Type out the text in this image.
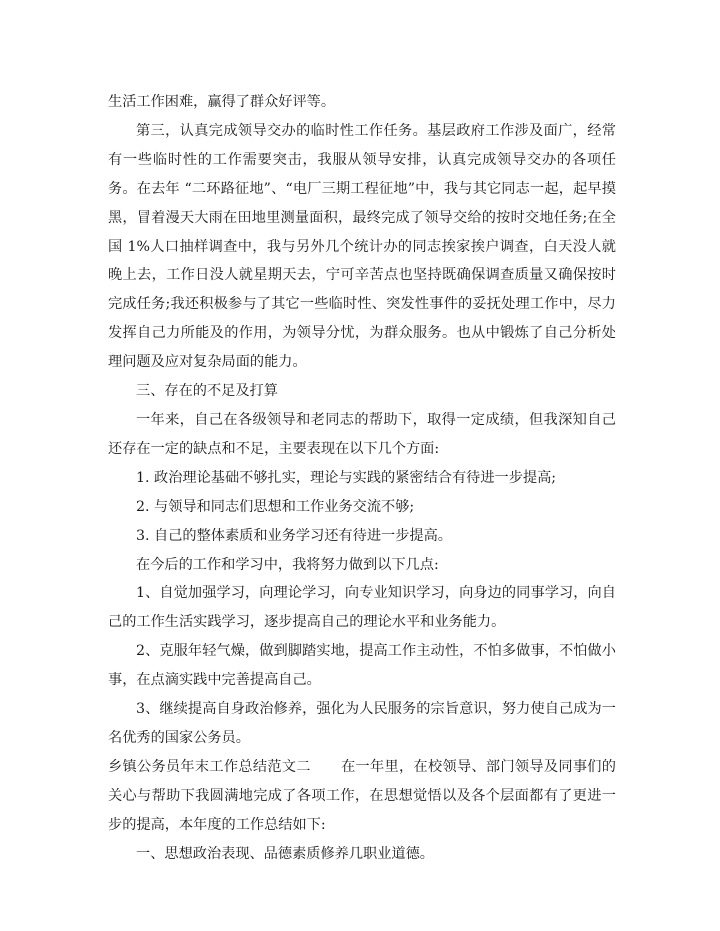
生活工作困难，赢得了群众好评等。

第三，认真完成领导交办的临时性工作任务。基层政府工作涉及面广，经常有一些临时性的工作需要突击，我服从领导安排，认真完成领导交办的各项任务。在去年 “二环路征地”、“电厂三期工程征地”中，我与其它同志一起，起早摸黑，冒着漫天大雨在田地里测量面积，最终完成了领导交给的按时交地任务;在全国 1%人口抽样调查中，我与另外几个统计办的同志挨家挨户调查，白天没人就晚上去，工作日没人就星期天去，宁可辛苦点也坚持既确保调查质量又确保按时完成任务;我还积极参与了其它一些临时性、突发性事件的妥抚处理工作中，尽力发挥自己力所能及的作用，为领导分忧，为群众服务。也从中锻炼了自己分析处理问题及应对复杂局面的能力。

三、存在的不足及打算

一年来，自己在各级领导和老同志的帮助下，取得一定成绩，但我深知自己还存在一定的缺点和不足，主要表现在以下几个方面:

1. 政治理论基础不够扎实，理论与实践的紧密结合有待进一步提高;

2. 与领导和同志们思想和工作业务交流不够;

3. 自己的整体素质和业务学习还有待进一步提高。

在今后的工作和学习中，我将努力做到以下几点:

1、自觉加强学习，向理论学习，向专业知识学习，向身边的同事学习，向自己的工作生活实践学习，逐步提高自己的理论水平和业务能力。

2、克服年轻气燥，做到脚踏实地，提高工作主动性，不怕多做事，不怕做小事，在点滴实践中完善提高自己。

3、继续提高自身政治修养，强化为人民服务的宗旨意识，努力使自己成为一名优秀的国家公务员。

乡镇公务员年末工作总结范文二 在一年里，在校领导、部门领导及同事们的关心与帮助下我圆满地完成了各项工作，在思想觉悟以及各个层面都有了更进一步的提高，本年度的工作总结如下:

一、思想政治表现、品德素质修养几职业道德。
